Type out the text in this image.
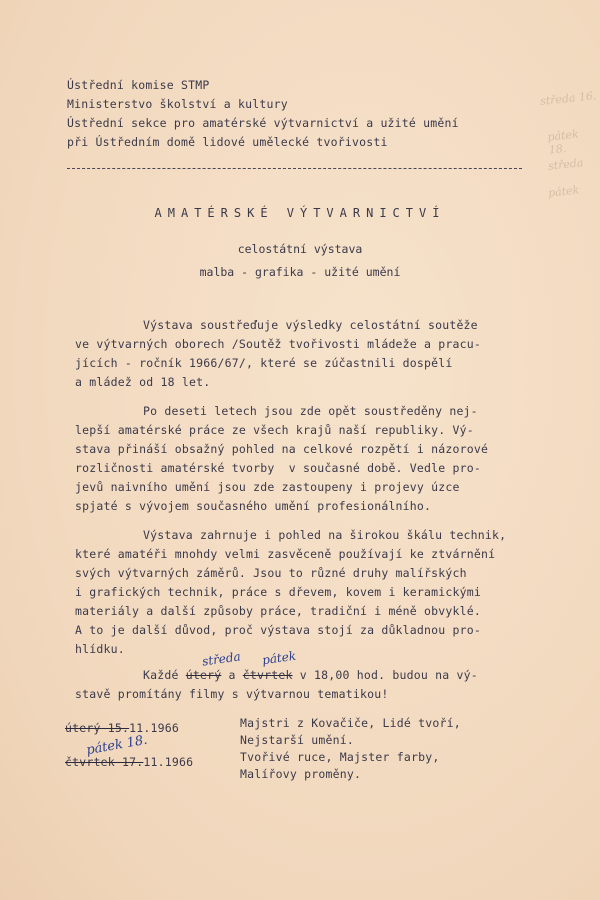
Ústřední komise STMP
Ministerstvo školství a kultury
Ústřední sekce pro amatérské výtvarnictví a užité umění
při Ústředním domě lidové umělecké tvořivosti
středa 16.
pátek 18.
středa
pátek
AMATÉRSKÉ VÝTVARNICTVÍ
celostátní výstava
malba - grafika - užité umění
Výstava soustřeďuje výsledky celostátní soutěže
ve výtvarných oborech /Soutěž tvořivosti mládeže a pracu-
jících - ročník 1966/67/, které se zúčastnili dospělí
a mládež od 18 let.
Po deseti letech jsou zde opět soustředěny nej-
lepší amatérské práce ze všech krajů naší republiky. Vý-
stava přináší obsažný pohled na celkové rozpětí i názorové
rozličnosti amatérské tvorby  v současné době. Vedle pro-
jevů naivního umění jsou zde zastoupeny i projevy úzce
spjaté s vývojem současného umění profesionálního.
Výstava zahrnuje i pohled na širokou škálu technik,
které amatéři mnohdy velmi zasvěceně používají ke ztvárnění
svých výtvarných záměrů. Jsou to různé druhy malířských
i grafických technik, práce s dřevem, kovem i keramickými
materiály a další způsoby práce, tradiční i méně obvyklé.
A to je další důvod, proč výstava stojí za důkladnou pro-
hlídku.
středa pátek
Každé úterý a čtvrtek v 18,00 hod. budou na vý-
stavě promítány filmy s výtvarnou tematikou!
úterý 15.11.1966	Majstri z Kovačiče, Lidé tvoří,
Nejstarší umění.
pátek 18.
čtvrtek 17.11.1966	Tvořivé ruce, Majster farby,
Malířovy proměny.
